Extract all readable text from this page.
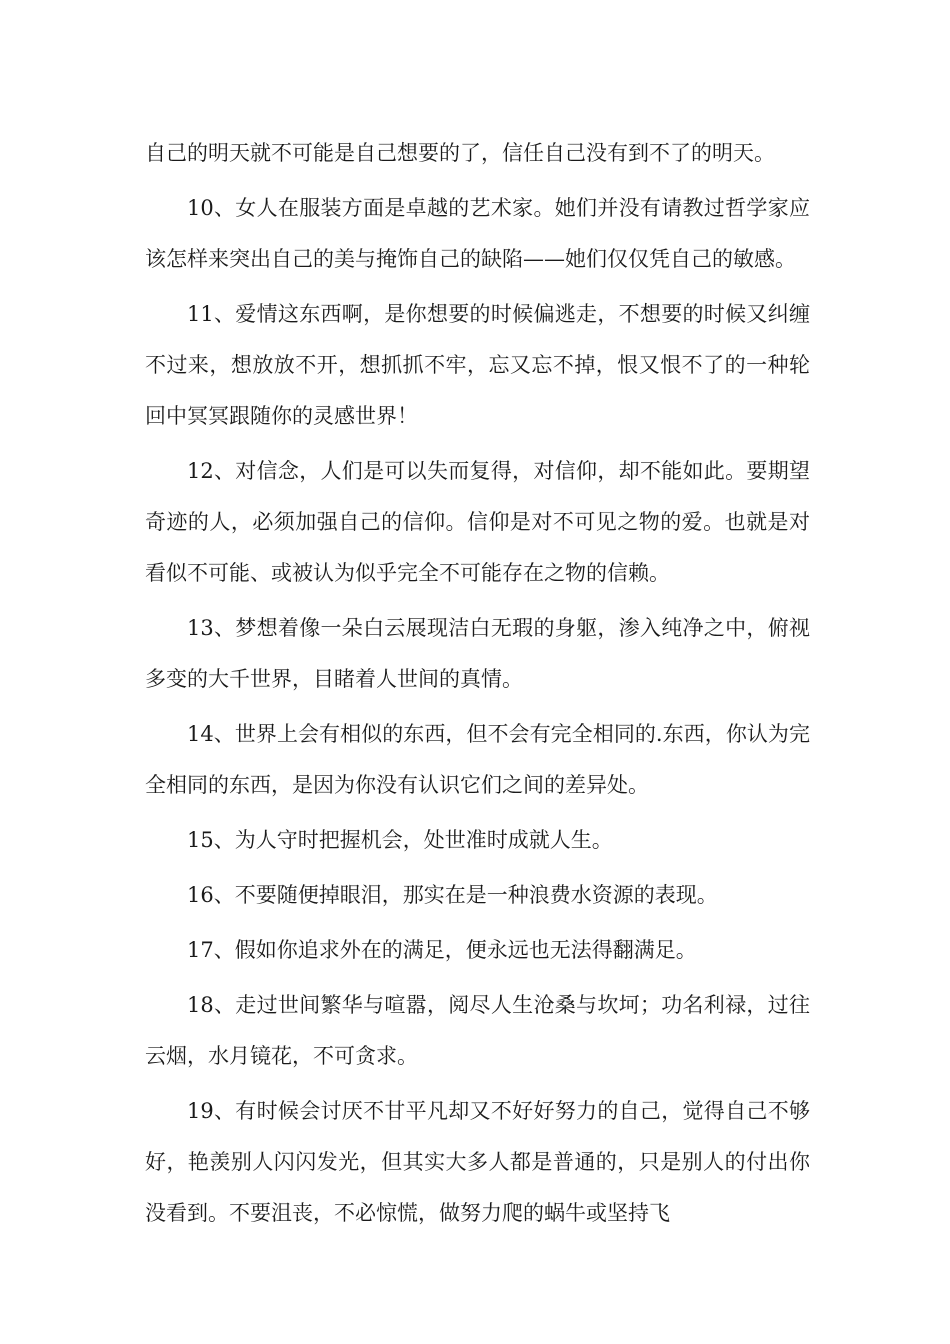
自己的明天就不可能是自己想要的了，信任自己没有到不了的明天。

10、女人在服装方面是卓越的艺术家。她们并没有请教过哲学家应该怎样来突出自己的美与掩饰自己的缺陷——她们仅仅凭自己的敏感。

11、爱情这东西啊，是你想要的时候偏逃走，不想要的时候又纠缠不过来，想放放不开，想抓抓不牢，忘又忘不掉，恨又恨不了的一种轮回中冥冥跟随你的灵感世界！

12、对信念，人们是可以失而复得，对信仰，却不能如此。要期望奇迹的人，必须加强自己的信仰。信仰是对不可见之物的爱。也就是对看似不可能、或被认为似乎完全不可能存在之物的信赖。

13、梦想着像一朵白云展现洁白无瑕的身躯，渗入纯净之中，俯视多变的大千世界，目睹着人世间的真情。

14、世界上会有相似的东西，但不会有完全相同的.东西，你认为完全相同的东西，是因为你没有认识它们之间的差异处。

15、为人守时把握机会，处世准时成就人生。

16、不要随便掉眼泪，那实在是一种浪费水资源的表现。

17、假如你追求外在的满足，便永远也无法得翻满足。

18、走过世间繁华与喧嚣，阅尽人生沧桑与坎坷；功名利禄，过往云烟，水月镜花，不可贪求。

19、有时候会讨厌不甘平凡却又不好好努力的自己，觉得自己不够好，艳羡别人闪闪发光，但其实大多人都是普通的，只是别人的付出你没看到。不要沮丧，不必惊慌，做努力爬的蜗牛或坚持飞
